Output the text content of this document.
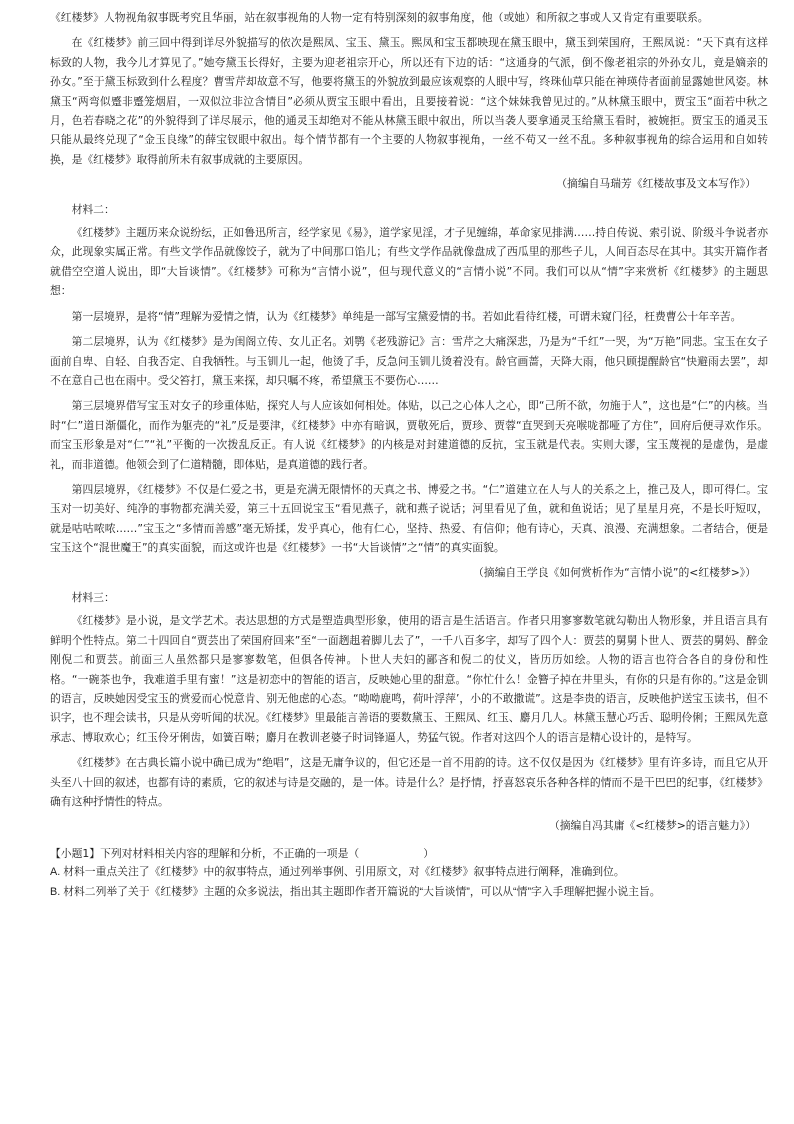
《红楼梦》人物视角叙事既考究且华丽，站在叙事视角的人物一定有特别深刻的叙事角度，他（或她）和所叙之事或人又肯定有重要联系。

在《红楼梦》前三回中得到详尽外貌描写的依次是熙凤、宝玉、黛玉。熙凤和宝玉都映现在黛玉眼中，黛玉到荣国府，王熙凤说：“天下真有这样标致的人物，我今儿才算见了。”她夸黛玉长得好，主要为迎老祖宗开心，所以还有下边的话：“这通身的气派，倒不像老祖宗的外孙女儿，竟是嫡亲的孙女。”至于黛玉标致到什么程度？曹雪芹却故意不写，他要将黛玉的外貌放到最应该观察的人眼中写，终珠仙草只能在神瑛侍者面前显露她世风姿。林黛玉“两弯似蹙非蹙笼烟眉，一双似泣非泣含情目”必须从贾宝玉眼中看出，且要接着说：“这个妹妹我曾见过的。”从林黛玉眼中，贾宝玉“面若中秋之月，色若春晓之花”的外貌得到了详尽展示，他的通灵玉却绝对不能从林黛玉眼中叙出，所以当袭人要拿通灵玉给黛玉看时，被婉拒。贾宝玉的通灵玉只能从最终兑现了“金玉良缘”的薛宝钗眼中叙出。每个情节都有一个主要的人物叙事视角，一丝不苟又一丝不乱。多种叙事视角的综合运用和自如转换，是《红楼梦》取得前所未有叙事成就的主要原因。

（摘编自马瑞芳《红楼故事及文本写作》）

材料二：

《红楼梦》主题历来众说纷纭，正如鲁迅所言，经学家见《易》，道学家见淫，才子见缠绵，革命家见排满……持自传说、索引说、阶级斗争说者亦众，此现象实属正常。有些文学作品就像饺子，就为了中间那口馅儿；有些文学作品就像盘成了西瓜里的那些子儿，人间百态尽在其中。其实开篇作者就借空空道人说出，即“大旨谈情”。《红楼梦》可称为“言情小说”，但与现代意义的“言情小说”不同。我们可以从“情”字来赏析《红楼梦》的主题思想：

第一层境界，是将“情”理解为爱情之情，认为《红楼梦》单纯是一部写宝黛爱情的书。若如此看待红楼，可谓未窥门径，枉费曹公十年辛苦。

第二层境界，认为《红楼梦》是为闺阁立传、女儿正名。刘鹗《老残游记》言：雪芹之大痛深悲，乃是为“千红”一哭，为“万艳”同悲。宝玉在女子面前自卑、自轻、自我否定、自我牺牲。与玉钏儿一起，他烫了手，反急问玉钏儿烫着没有。龄官画蔷，天降大雨，他只顾提醒龄官“快避雨去罢”，却不在意自己也在雨中。受父笞打，黛玉来探，却只嘱不疼，希望黛玉不要伤心……

第三层境界借写宝玉对女子的珍重体贴，探究人与人应该如何相处。体贴，以己之心体人之心，即“己所不欲，勿施于人”，这也是“仁”的内核。当时“仁”道日渐僵化，而作为躯壳的“礼”反是要津，《红楼梦》中亦有暗讽，贾敬死后，贾珍、贾蓉“直哭到天亮喉咙都哑了方住”，回府后便寻欢作乐。而宝玉形象是对“仁”“礼”平衡的一次拨乱反正。有人说《红楼梦》的内核是对封建道德的反抗，宝玉就是代表。实则大谬，宝玉蔑视的是虚伪，是虚礼，而非道德。他领会到了仁道精髓，即体贴，是真道德的践行者。

第四层境界，《红楼梦》不仅是仁爱之书，更是充满无限情怀的天真之书、博爱之书。“仁”道建立在人与人的关系之上，推己及人，即可得仁。宝玉对一切美好、纯净的事物都充满关爱，第三十五回说宝玉“看见燕子，就和燕子说话；河里看见了鱼，就和鱼说话；见了星星月亮，不是长吁短叹，就是咕咕哝哝……”宝玉之“多情而善感”毫无矫揉，发乎真心，他有仁心，坚持、热爱、有信仰；他有诗心，天真、浪漫、充满想象。二者结合，便是宝玉这个“混世魔王”的真实面貌，而这或许也是《红楼梦》一书“大旨谈情”之“情”的真实面貌。

（摘编自王学良《如何赏析作为“言情小说”的<红楼梦>》）

材料三：

《红楼梦》是小说，是文学艺术。表达思想的方式是塑造典型形象，使用的语言是生活语言。作者只用寥寥数笔就勾勒出人物形象，并且语言具有鲜明个性特点。第二十四回自“贾芸出了荣国府回来”至“一面趔趄着脚儿去了”，一千八百多字，却写了四个人：贾芸的舅舅卜世人、贾芸的舅妈、醉金刚倪二和贾芸。前面三人虽然都只是寥寥数笔，但俱各传神。卜世人夫妇的鄙吝和倪二的仗义，皆历历如绘。人物的语言也符合各自的身份和性格。“一碗茶也争，我难道手里有蜜！”这是初恋中的智能的语言，反映她心里的甜意。“你忙什么！金簪子掉在井里头，有你的只是有你的。”这是金钏的语言，反映她因受宝玉的赏爱而心悦意肯、别无他虑的心态。“呦呦鹿鸣，荷叶浮萍’，小的不敢撒谎”。这是李贵的语言，反映他护送宝玉读书，但不识字，也不理会读书，只是从旁听闻的状况。《红楼梦》里最能言善语的要数黛玉、王熙凤、红玉、麝月几人。林黛玉慧心巧舌、聪明伶俐；王熙凤先意承志、博取欢心；红玉伶牙俐齿，如簧百啭；麝月在教训老婆子时词锋逼人，势猛气锐。作者对这四个人的语言是精心设计的，是特写。

《红楼梦》在古典长篇小说中确已成为“绝唱”，这是无庸争议的，但它还是一首不用韵的诗。这不仅仅是因为《红楼梦》里有许多诗，而且它从开头至八十回的叙述，也都有诗的素质，它的叙述与诗是交融的，是一体。诗是什么？是抒情，抒喜怒哀乐各种各样的情而不是干巴巴的纪事，《红楼梦》确有这种抒情性的特点。

（摘编自冯其庸《<红楼梦>的语言魅力》）

【小题1】下列对材料相关内容的理解和分析，不正确的一项是（	）

A. 材料一重点关注了《红楼梦》中的叙事特点，通过列举事例、引用原文，对《红楼梦》叙事特点进行阐释，准确到位。

B. 材料二列举了关于《红楼梦》主题的众多说法，指出其主题即作者开篇说的“大旨谈情”，可以从“情”字入手理解把握小说主旨。
